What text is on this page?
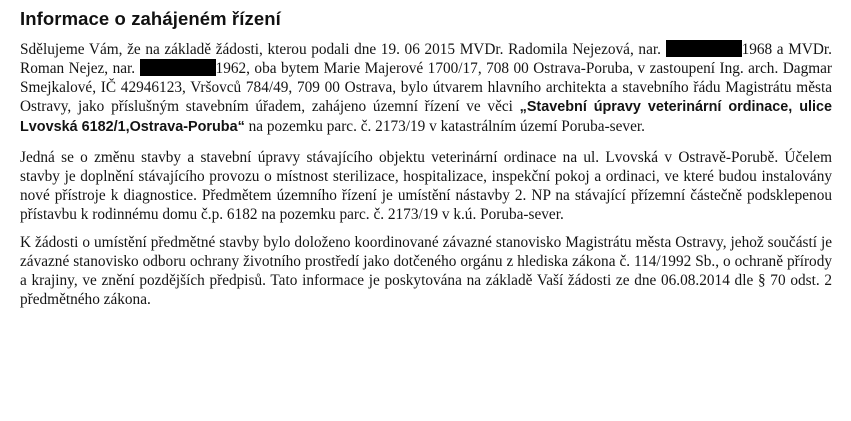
Informace o zahájeném řízení

Sdělujeme Vám, že na základě žádosti, kterou podali dne 19. 06 2015 MVDr. Radomila Nejezová, nar.	1968 a MVDr. Roman Nejez, nar.	1962, oba bytem Marie Majerové 1700/17, 708 00 Ostrava-Poruba, v zastoupení Ing. arch. Dagmar Smejkalové, IČ 42946123, Vršovců 784/49, 709 00 Ostrava, bylo útvarem hlavního architekta a stavebního řádu Magistrátu města Ostravy, jako příslušným stavebním úřadem, zahájeno územní řízení ve věci „Stavební úpravy veterinární ordinace, ulice Lvovská 6182/1,Ostrava-Poruba“ na pozemku parc. č. 2173/19 v katastrálním území Poruba-sever.

Jedná se o změnu stavby a stavební úpravy stávajícího objektu veterinární ordinace na ul. Lvovská v Ostravě-Porubě. Účelem stavby je doplnění stávajícího provozu o místnost sterilizace, hospitalizace, inspekční pokoj a ordinaci, ve které budou instalovány nové přístroje k diagnostice. Předmětem územního řízení je umístění nástavby 2. NP na stávající přízemní částečně podsklepenou přístavbu k rodinnému domu č.p. 6182 na pozemku parc. č. 2173/19 v k.ú. Poruba-sever.

K žádosti o umístění předmětné stavby bylo doloženo koordinované závazné stanovisko Magistrátu města Ostravy, jehož součástí je závazné stanovisko odboru ochrany životního prostředí jako dotčeného orgánu z hlediska zákona č. 114/1992 Sb., o ochraně přírody a krajiny, ve znění pozdějších předpisů. Tato informace je poskytována na základě Vaší žádosti ze dne 06.08.2014 dle § 70 odst. 2 předmětného zákona.
